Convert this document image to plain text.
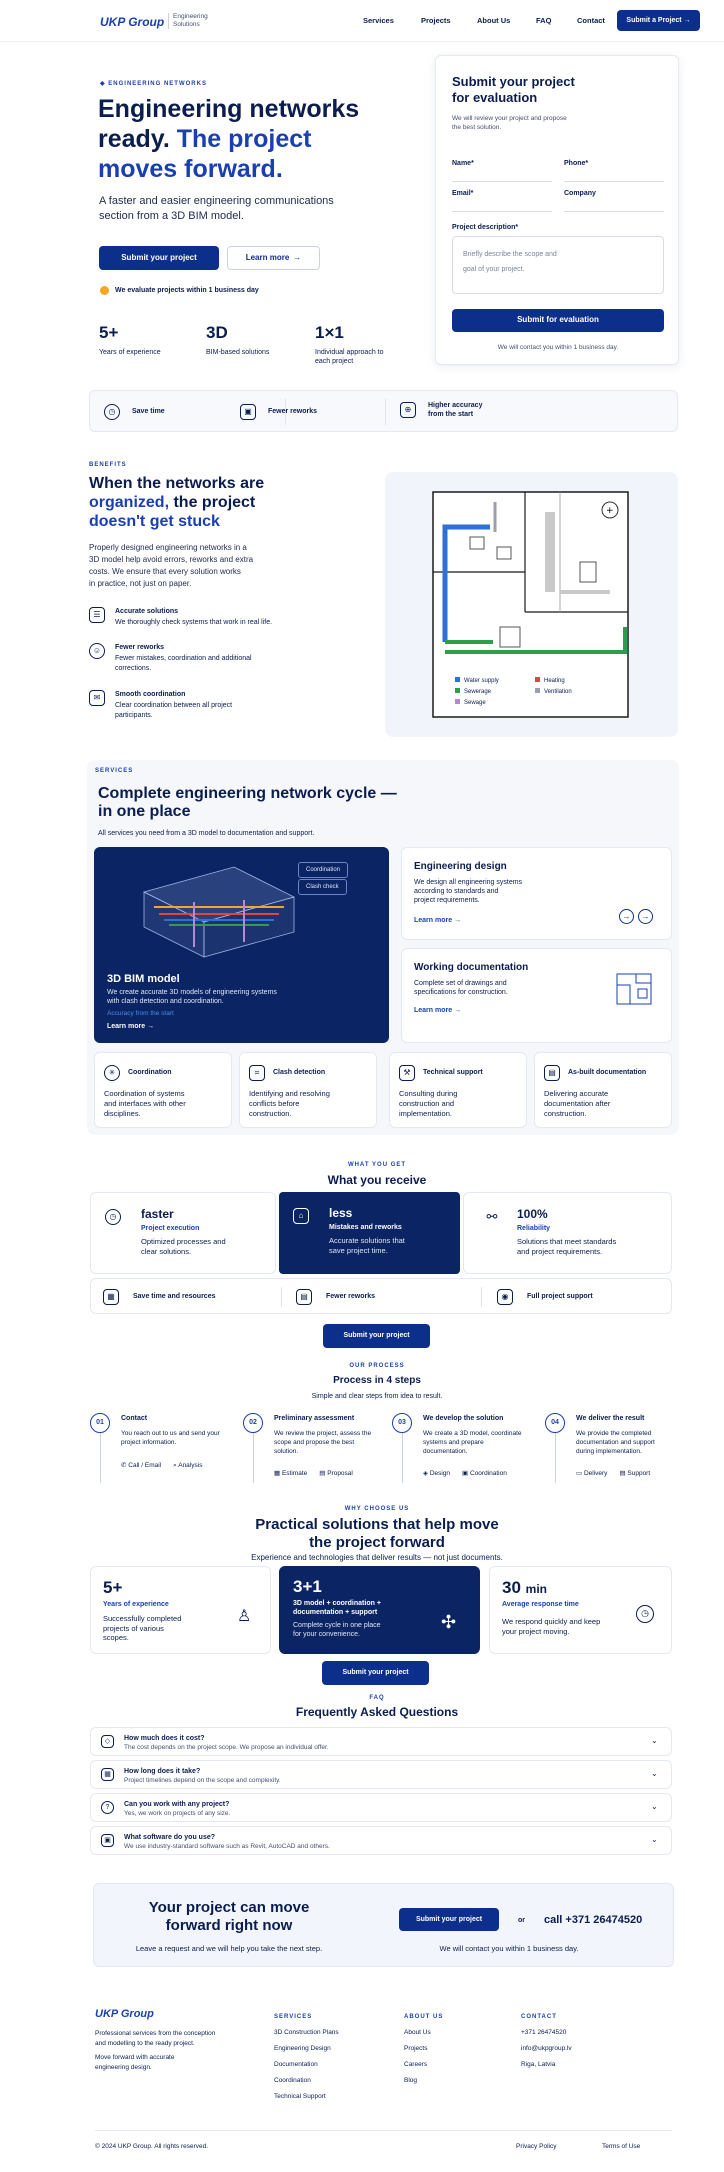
UKP Group Engineering
Solutions	Services	Projects	About Us	FAQ	Contact	Submit a Project →
◆ ENGINEERING NETWORKS
Engineering networks
ready. The project
moves forward.
A faster and easier engineering communications
section from a 3D BIM model.
Submit your project	Learn more →
We evaluate projects within 1 business day
5+
Years of experience
3D
BIM-based solutions
1×1
Individual approach to each project
Submit your project
for evaluation
We will review your project and propose
the best solution.
Name*	Phone*
Email*	Company
Project description*
Briefly describe the scope and
goal of your project.
Submit for evaluation
We will contact you within 1 business day.
◷	Save time	▣	Fewer reworks	⊕	Higher accuracy from the start
BENEFITS
When the networks are
organized, the project
doesn't get stuck
Properly designed engineering networks in a
3D model help avoid errors, reworks and extra
costs. We ensure that every solution works
in practice, not just on paper.
☰	Accurate solutions
We thoroughly check systems that work in real life.
☺	Fewer reworks
Fewer mistakes, coordination and additional
corrections.
✉	Smooth coordination
Clear coordination between all project
participants.
+
Water supply	Heating
Sewerage	Ventilation
Sewage
SERVICES
Complete engineering network cycle —
in one place
All services you need from a 3D model to documentation and support.
Coordination
Clash check
3D BIM model
We create accurate 3D models of engineering systems
with clash detection and coordination.
Accuracy from the start
Learn more →
Engineering design
We design all engineering systems
according to standards and
project requirements.
Learn more →	→	→
Working documentation
Complete set of drawings and
specifications for construction.
Learn more →
✳	Coordination
Coordination of systems
and interfaces with other
disciplines.
⌗	Clash detection
Identifying and resolving
conflicts before
construction.
⚒	Technical support
Consulting during
construction and
implementation.
▤	As-built documentation
Delivering accurate
documentation after
construction.
WHAT YOU GET
What you receive
◷	faster
Project execution
Optimized processes and
clear solutions.
⌂	less
Mistakes and reworks
Accurate solutions that
save project time.
⚯ 100%
Reliability
Solutions that meet standards
and project requirements.
▦	Save time and resources	▤	Fewer reworks	◉	Full project support
Submit your project
OUR PROCESS
Process in 4 steps
Simple and clear steps from idea to result.
01
Contact
You reach out to us and send your
project information.
✆ Call / Email ⌕ Analysis
02
Preliminary assessment
We review the project, assess the
scope and propose the best
solution.
▦ Estimate ▤ Proposal
03
We develop the solution
We create a 3D model, coordinate
systems and prepare
documentation.
◈ Design ▣ Coordination
04
We deliver the result
We provide the completed
documentation and support
during implementation.
▭ Delivery ▤ Support
WHY CHOOSE US
Practical solutions that help move
the project forward
Experience and technologies that deliver results — not just documents.
5+
Years of experience
Successfully completed
projects of various
scopes.
♙
3+1
3D model + coordination +
documentation + support
Complete cycle in one place
for your convenience.
✣
30 min
Average response time
We respond quickly and keep
your project moving.
◷
Submit your project
FAQ
Frequently Asked Questions
◇	How much does it cost?
The cost depends on the project scope. We propose an individual offer.
⌄
▦	How long does it take?
Project timelines depend on the scope and complexity.
⌄
?	Can you work with any project?
Yes, we work on projects of any size.
⌄
▣	What software do you use?
We use industry-standard software such as Revit, AutoCAD and others.
⌄
Your project can move
forward right now
Leave a request and we will help you take the next step.
Submit your project	or call +371 26474520
We will contact you within 1 business day.
UKP Group
Professional services from the conception
and modelling to the ready project.
Move forward with accurate
engineering design.
SERVICES
3D Construction Plans
Engineering Design
Documentation
Coordination
Technical Support
ABOUT US
About Us
Projects
Careers
Blog
CONTACT
+371 26474520
info@ukpgroup.lv
Riga, Latvia
© 2024 UKP Group. All rights reserved.	Privacy Policy	Terms of Use
